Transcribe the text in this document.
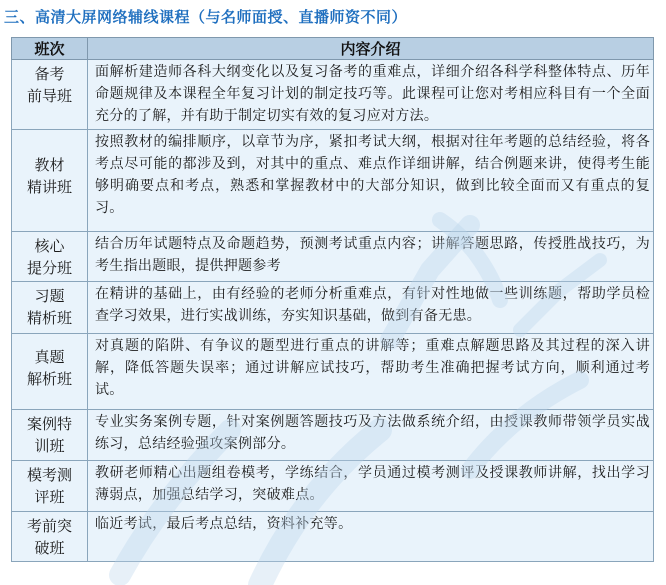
三、高清大屏网络辅线课程（与名师面授、直播师资不同）
班次	内容介绍
备考
前导班	面解析建造师各科大纲变化以及复习备考的重难点，详细介绍各科学科整体特点、历年命题规律及本课程全年复习计划的制定技巧等。此课程可让您对考相应科目有一个全面充分的了解，并有助于制定切实有效的复习应对方法。
教材
精讲班	按照教材的编排顺序，以章节为序，紧扣考试大纲，根据对往年考题的总结经验，将各考点尽可能的都涉及到，对其中的重点、难点作详细讲解，结合例题来讲，使得考生能够明确要点和考点，熟悉和掌握教材中的大部分知识，做到比较全面而又有重点的复习。
核心
提分班	结合历年试题特点及命题趋势，预测考试重点内容；讲解答题思路，传授胜战技巧，为考生指出题眼，提供押题参考
习题
精析班	在精讲的基础上，由有经验的老师分析重难点，有针对性地做一些训练题，帮助学员检查学习效果，进行实战训练，夯实知识基础，做到有备无患。
真题
解析班	对真题的陷阱、有争议的题型进行重点的讲解等；重难点解题思路及其过程的深入讲解，降低答题失误率；通过讲解应试技巧，帮助考生准确把握考试方向，顺利通过考试。
案例特
训班	专业实务案例专题，针对案例题答题技巧及方法做系统介绍，由授课教师带领学员实战练习，总结经验强攻案例部分。
模考测
评班	教研老师精心出题组卷模考，学练结合，学员通过模考测评及授课教师讲解，找出学习薄弱点，加强总结学习，突破难点。
考前突
破班	临近考试，最后考点总结，资料补充等。
